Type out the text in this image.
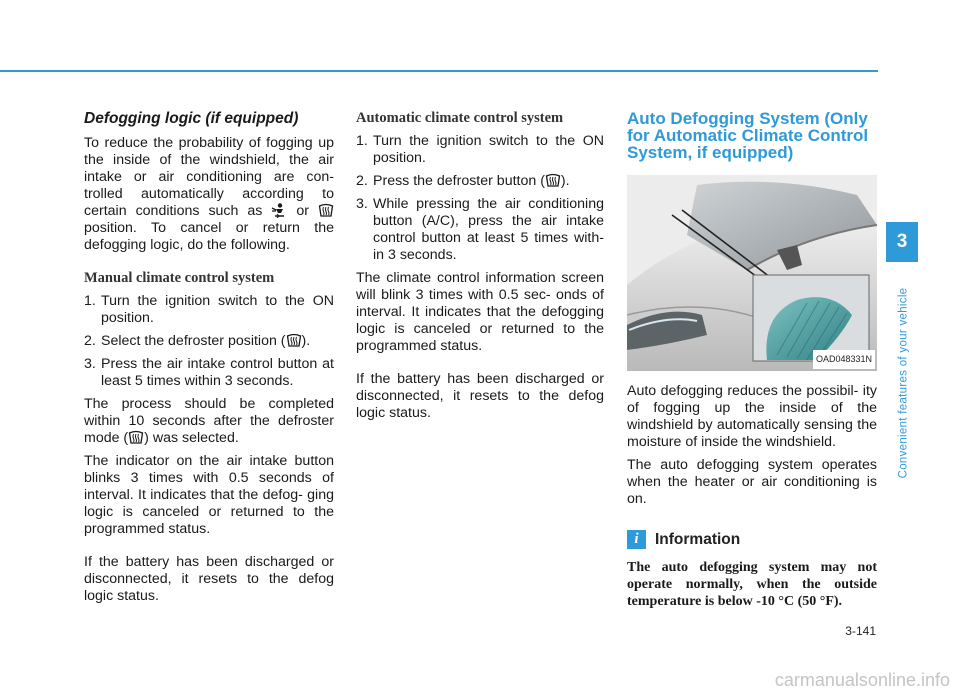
Defogging logic (if equipped)

To reduce the probability of fogging up the inside of the windshield, the air intake or air conditioning are con- trolled automatically according to certain conditions such as or  position. To cancel or return the defogging logic, do the following.

Manual climate control system
1. Turn the ignition switch to the ON position.
2. Select the defroster position ( ).
3. Press the air intake control button at least 5 times within 3 seconds.

The process should be completed within 10 seconds after the defroster mode ( ) was selected.

The indicator on the air intake button blinks 3 times with 0.5 seconds of interval. It indicates that the defog- ging logic is canceled or returned to the programmed status.

If the battery has been discharged or disconnected, it resets to the defog logic status.

Automatic climate control system
1. Turn the ignition switch to the ON position.
2. Press the defroster button ( ).
3. While pressing the air conditioning button (A/C), press the air intake control button at least 5 times with- in 3 seconds.

The climate control information screen will blink 3 times with 0.5 sec- onds of interval. It indicates that the defogging logic is canceled or returned to the programmed status.

If the battery has been discharged or disconnected, it resets to the defog logic status.

Auto Defogging System (Only for Automatic Climate Control System, if equipped)
OAD048331N

Auto defogging reduces the possibil- ity of fogging up the inside of the windshield by automatically sensing the moisture of inside the windshield.

The auto defogging system operates when the heater or air conditioning is on.

i	Information

The auto defogging system may not operate normally, when the outside temperature is below -10 °C (50 °F).

3
Convenient features of your vehicle
3-141
carmanualsonline.info
